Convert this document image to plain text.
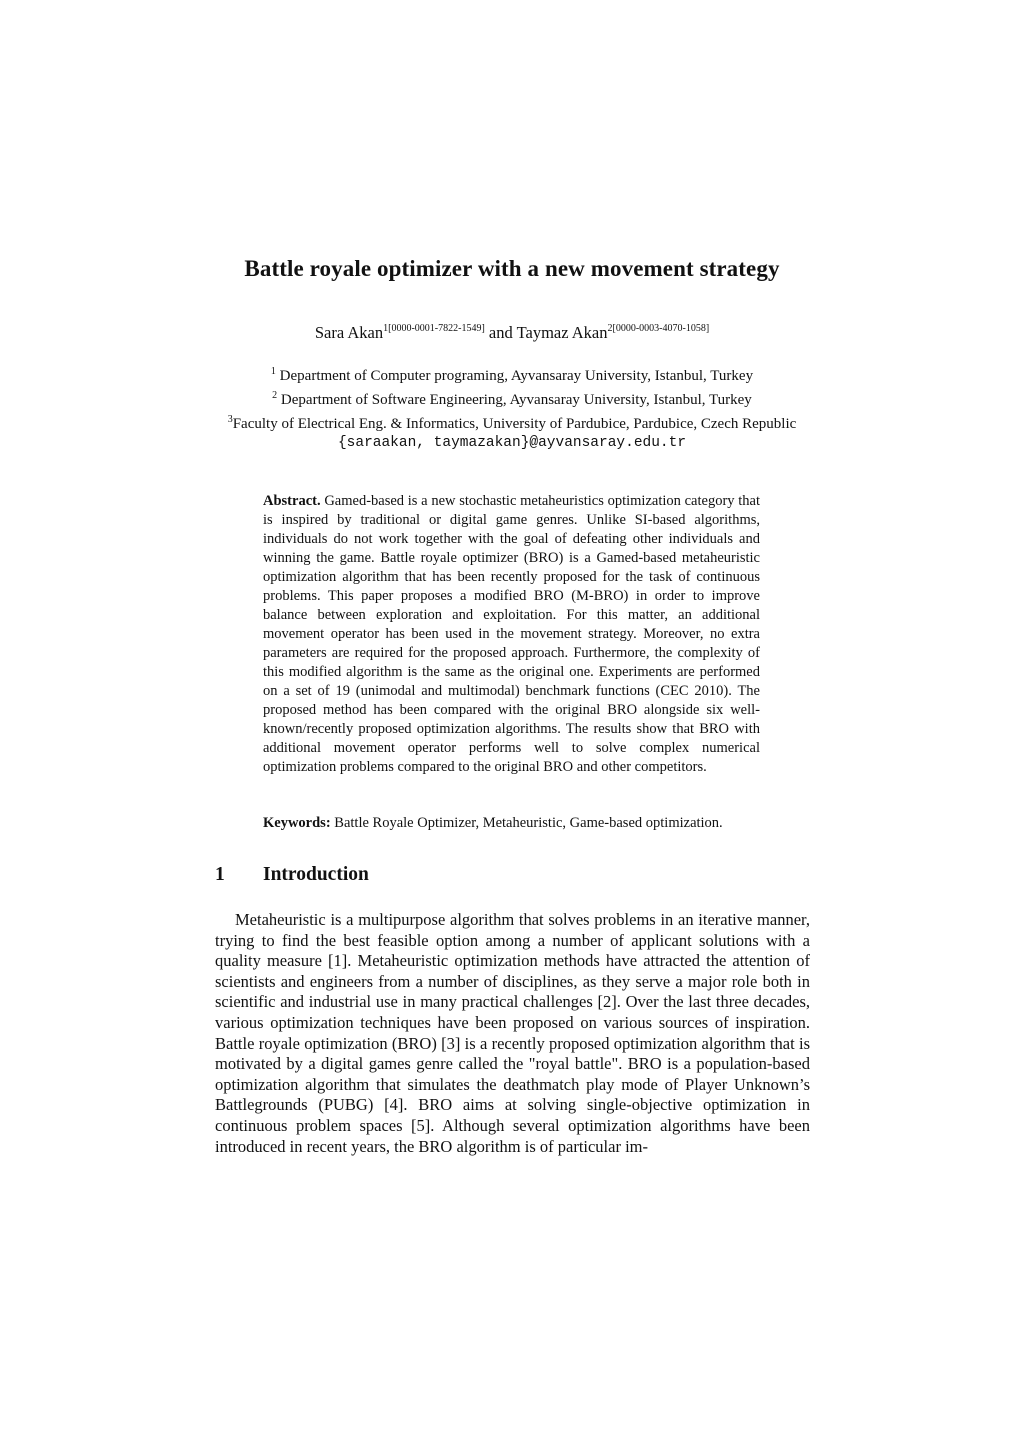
Battle royale optimizer with a new movement strategy
Sara Akan$^{1[0000-0001-7822-1549]}$ and Taymaz Akan$^{2[0000-0003-4070-1058]}$
$^1$ Department of Computer programing, Ayvansaray University, Istanbul, Turkey
$^2$ Department of Software Engineering, Ayvansaray University, Istanbul, Turkey
$^3$Faculty of Electrical Eng. & Informatics, University of Pardubice, Pardubice, Czech Republic
{saraakan, taymazakan}@ayvansaray.edu.tr
Abstract. Gamed-based is a new stochastic metaheuristics optimization category that is inspired by traditional or digital game genres. Unlike SI-based algorithms, individuals do not work together with the goal of defeating other individuals and winning the game. Battle royale optimizer (BRO) is a Gamed-based metaheuristic optimization algorithm that has been recently proposed for the task of continuous problems. This paper proposes a modified BRO (M-BRO) in order to improve balance between exploration and exploitation. For this matter, an additional movement operator has been used in the movement strategy. Moreover, no extra parameters are required for the proposed approach. Furthermore, the complexity of this modified algorithm is the same as the original one. Experiments are performed on a set of 19 (unimodal and multimodal) benchmark functions (CEC 2010). The proposed method has been compared with the original BRO alongside six well-known/recently proposed optimization algorithms. The results show that BRO with additional movement operator performs well to solve complex numerical optimization problems compared to the original BRO and other competitors.
Keywords: Battle Royale Optimizer, Metaheuristic, Game-based optimization.
1 Introduction
Metaheuristic is a multipurpose algorithm that solves problems in an iterative manner, trying to find the best feasible option among a number of applicant solutions with a quality measure [1]. Metaheuristic optimization methods have attracted the attention of scientists and engineers from a number of disciplines, as they serve a major role both in scientific and industrial use in many practical challenges [2]. Over the last three decades, various optimization techniques have been proposed on various sources of inspiration. Battle royale optimization (BRO) [3] is a recently proposed optimization algorithm that is motivated by a digital games genre called the "royal battle". BRO is a population-based optimization algorithm that simulates the deathmatch play mode of Player Unknown’s Battlegrounds (PUBG) [4]. BRO aims at solving single-objective optimization in continuous problem spaces [5]. Although several optimization algorithms have been introduced in recent years, the BRO algorithm is of particular im-
